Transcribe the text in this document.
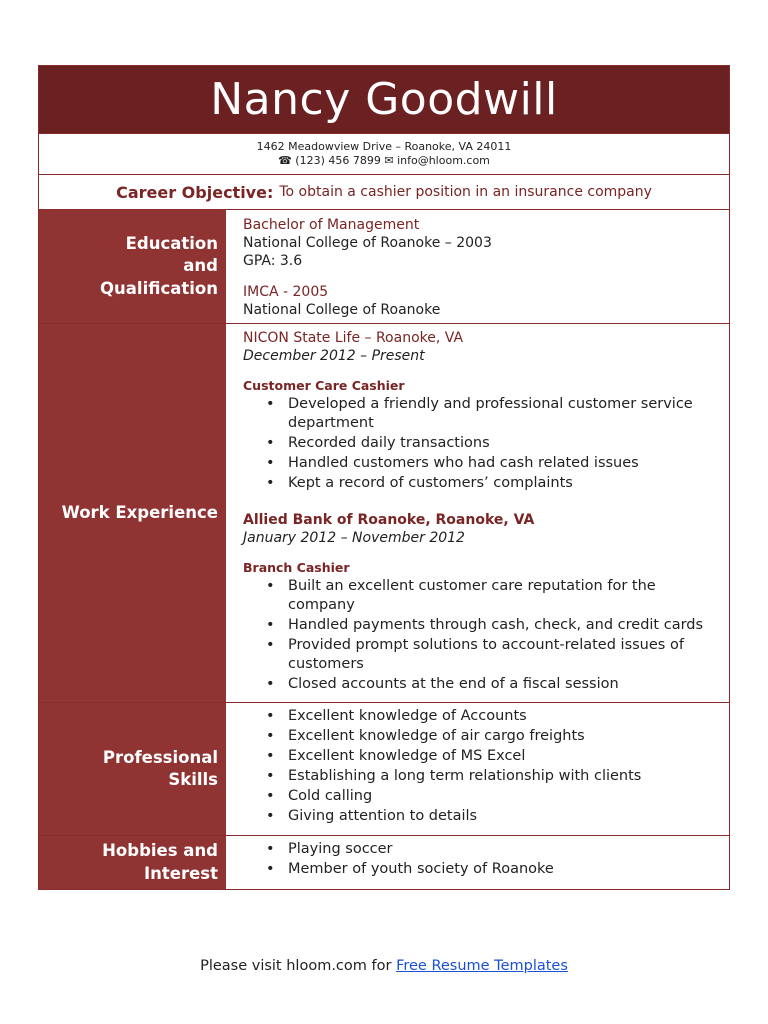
Nancy Goodwill
1462 Meadowview Drive – Roanoke, VA 24011
☎ (123) 456 7899 ✉ info@hloom.com
Career Objective: To obtain a cashier position in an insurance company
Education
and
Qualification
Bachelor of Management
National College of Roanoke – 2003
GPA: 3.6
IMCA - 2005
National College of Roanoke
Work Experience
NICON State Life – Roanoke, VA
December 2012 – Present
Customer Care Cashier
• Developed a friendly and professional customer service department
• Recorded daily transactions
• Handled customers who had cash related issues
• Kept a record of customers’ complaints
Allied Bank of Roanoke, Roanoke, VA
January 2012 – November 2012
Branch Cashier
• Built an excellent customer care reputation for the company
• Handled payments through cash, check, and credit cards
• Provided prompt solutions to account-related issues of customers
• Closed accounts at the end of a fiscal session
Professional
Skills
• Excellent knowledge of Accounts
• Excellent knowledge of air cargo freights
• Excellent knowledge of MS Excel
• Establishing a long term relationship with clients
• Cold calling
• Giving attention to details
Hobbies and
Interest
• Playing soccer
• Member of youth society of Roanoke
Please visit hloom.com for Free Resume Templates
